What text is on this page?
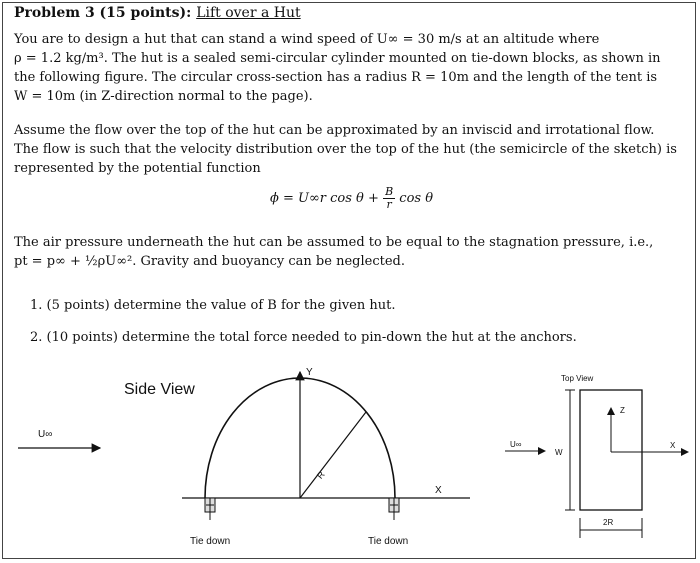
Problem 3 (15 points): Lift over a Hut
You are to design a hut that can stand a wind speed of U∞ = 30 m/s at an altitude where
ρ = 1.2 kg/m³. The hut is a sealed semi-circular cylinder mounted on tie-down blocks, as shown in
the following figure. The circular cross-section has a radius R = 10m and the length of the tent is
W = 10m (in Z-direction normal to the page).
Assume the flow over the top of the hut can be approximated by an inviscid and irrotational flow.
The flow is such that the velocity distribution over the top of the hut (the semicircle of the sketch) is
represented by the potential function
ϕ = U∞r $\cos \theta + \frac{B}{r}$ cos θ
The air pressure underneath the hut can be assumed to be equal to the stagnation pressure, i.e.,
pt = p∞ + ½ρU∞². Gravity and buoyancy can be neglected.
1. (5 points) determine the value of B for the given hut.
2. (10 points) determine the total force needed to pin-down the hut at the anchors.
Side View
U∞
Y
X
R
Tie down	Tie down
Top View
U∞
W
Z
X
2R
